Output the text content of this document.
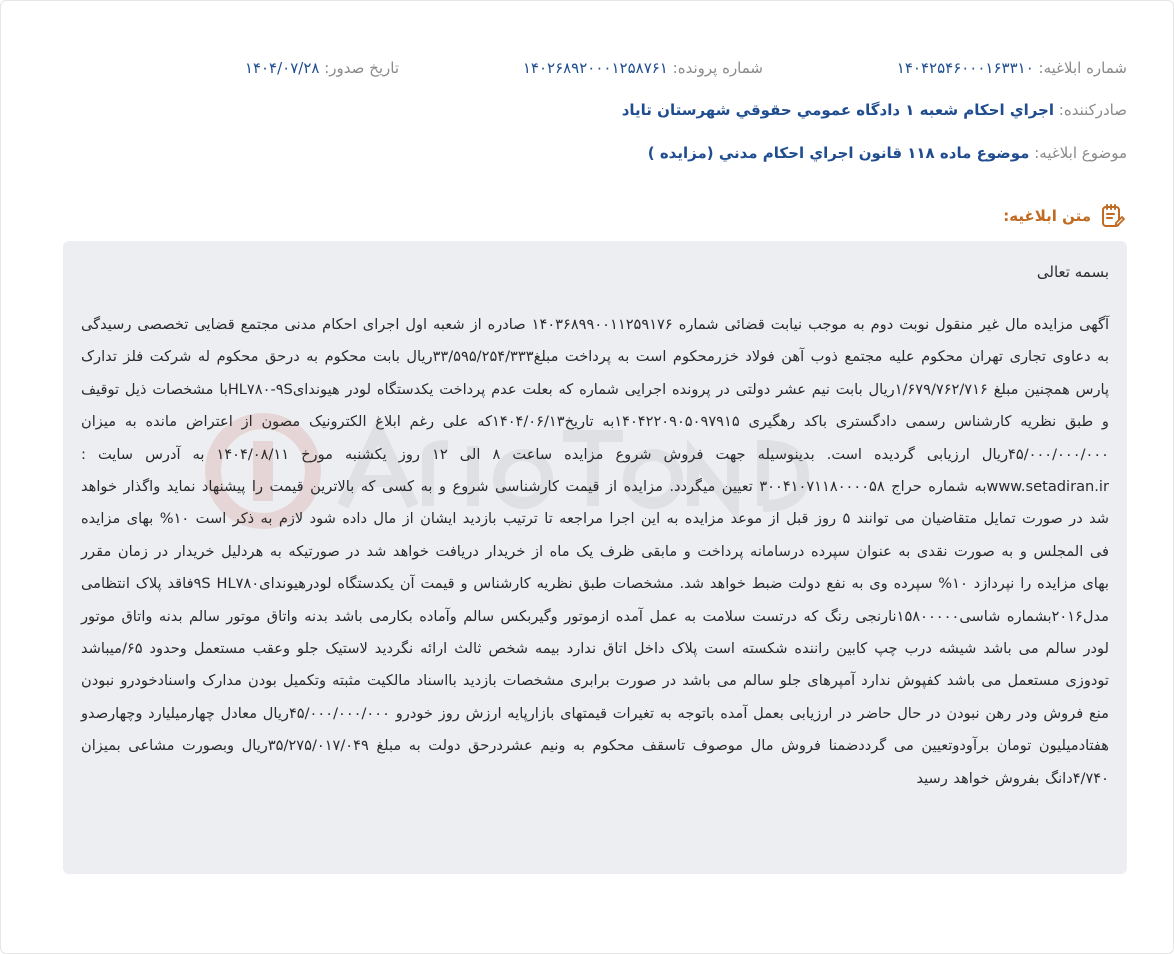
شماره ابلاغیه: ۱۴۰۴۲۵۴۶۰۰۰۱۶۳۳۱۰
شماره پرونده: ۱۴۰۲۶۸۹۲۰۰۰۱۲۵۸۷۶۱
تاریخ صدور: ۱۴۰۴/۰۷/۲۸
صادرکننده: اجراي احکام شعبه ۱ دادگاه عمومي حقوقي شهرستان تاياد
موضوع ابلاغیه: موضوع ماده ۱۱۸ قانون اجراي احکام مدني (مزايده )
متن ابلاغیه:
بسمه تعالی
آگهی مزایده مال غیر منقول نوبت دوم به موجب نیابت قضائی شماره ۱۴۰۳۶۸۹۹۰۰۱۱۲۵۹۱۷۶ صادره از شعبه اول اجرای احکام مدنی مجتمع قضایی تخصصی رسیدگی به دعاوی تجاری تهران محکوم علیه مجتمع ذوب آهن فولاد خزرمحکوم است به پرداخت مبلغ۳۳/۵۹۵/۲۵۴/۳۳۳ریال بابت محکوم به درحق محکوم له شرکت فلز تدارک پارس همچنین مبلغ ۱/۶۷۹/۷۶۲/۷۱۶ریال بابت نیم عشر دولتی در پرونده اجرایی شماره که بعلت عدم پرداخت یکدستگاه لودر هیوندایHL۷۸۰-۹Sبا مشخصات ذیل توقیف و طبق نظریه کارشناس رسمی دادگستری باکد رهگیری ۱۴۰۴۲۲۰۹۰۵۰۹۷۹۱۵به تاریخ۱۴۰۴/۰۶/۱۳که علی رغم ابلاغ الکترونیک مصون از اعتراض مانده به میزان ۴۵/۰۰۰/۰۰۰/۰۰۰ریال ارزیابی گردیده است. بدینوسیله جهت فروش شروع مزایده ساعت ۸ الی ۱۲ روز یکشنبه مورخ ۱۴۰۴/۰۸/۱۱ به آدرس سایت : www.setadiran.irبه شماره حراج ۳۰۰۴۱۰۷۱۱۸۰۰۰۰۵۸ تعیین میگردد. مزایده از قیمت کارشناسی شروع و به کسی که بالاترین قیمت را پیشنهاد نماید واگذار خواهد شد در صورت تمایل متقاضیان می توانند ۵ روز قبل از موعد مزایده به این اجرا مراجعه تا ترتیب بازدید ایشان از مال داده شود لازم به ذکر است ۱۰% بهای مزایده فی المجلس و به صورت نقدی به عنوان سپرده درسامانه پرداخت و مابقی ظرف یک ماه از خریدار دریافت خواهد شد در صورتیکه به هردلیل خریدار در زمان مقرر بهای مزایده را نپردازد ۱۰% سپرده وی به نفع دولت ضبط خواهد شد. مشخصات طبق نظریه کارشناس و قیمت آن یکدستگاه لودرهیوندای۹S HL۷۸۰فاقد پلاک انتظامی مدل۲۰۱۶بشماره شاسی۱۵۸۰۰۰۰۰نارنجی رنگ که درتست سلامت به عمل آمده ازموتور وگیربکس سالم وآماده بکارمی باشد بدنه واتاق موتور سالم بدنه واتاق موتور لودر سالم می باشد شیشه درب چپ کابین راننده شکسته است پلاک داخل اتاق ندارد بیمه شخص ثالث ارائه نگردید لاستیک جلو وعقب مستعمل وحدود ۶۵/میباشد تودوزی مستعمل می باشد کفپوش ندارد آمپرهای جلو سالم می باشد در صورت برابری مشخصات بازدید بااسناد مالکیت مثبته وتکمیل بودن مدارک واسنادخودرو نبودن منع فروش ودر رهن نبودن در حال حاضر در ارزیابی بعمل آمده باتوجه به تغیرات قیمتهای بازارپایه ارزش روز خودرو ۴۵/۰۰۰/۰۰۰/۰۰۰ریال معادل چهارمیلیارد وچهارصدو هفتادمیلیون تومان برآودوتعیین می گرددضمنا فروش مال موصوف تاسقف محکوم به ونیم عشردرحق دولت به مبلغ ۳۵/۲۷۵/۰۱۷/۰۴۹ریال وبصورت مشاعی بمیزان ۴/۷۴۰دانگ بفروش خواهد رسید
